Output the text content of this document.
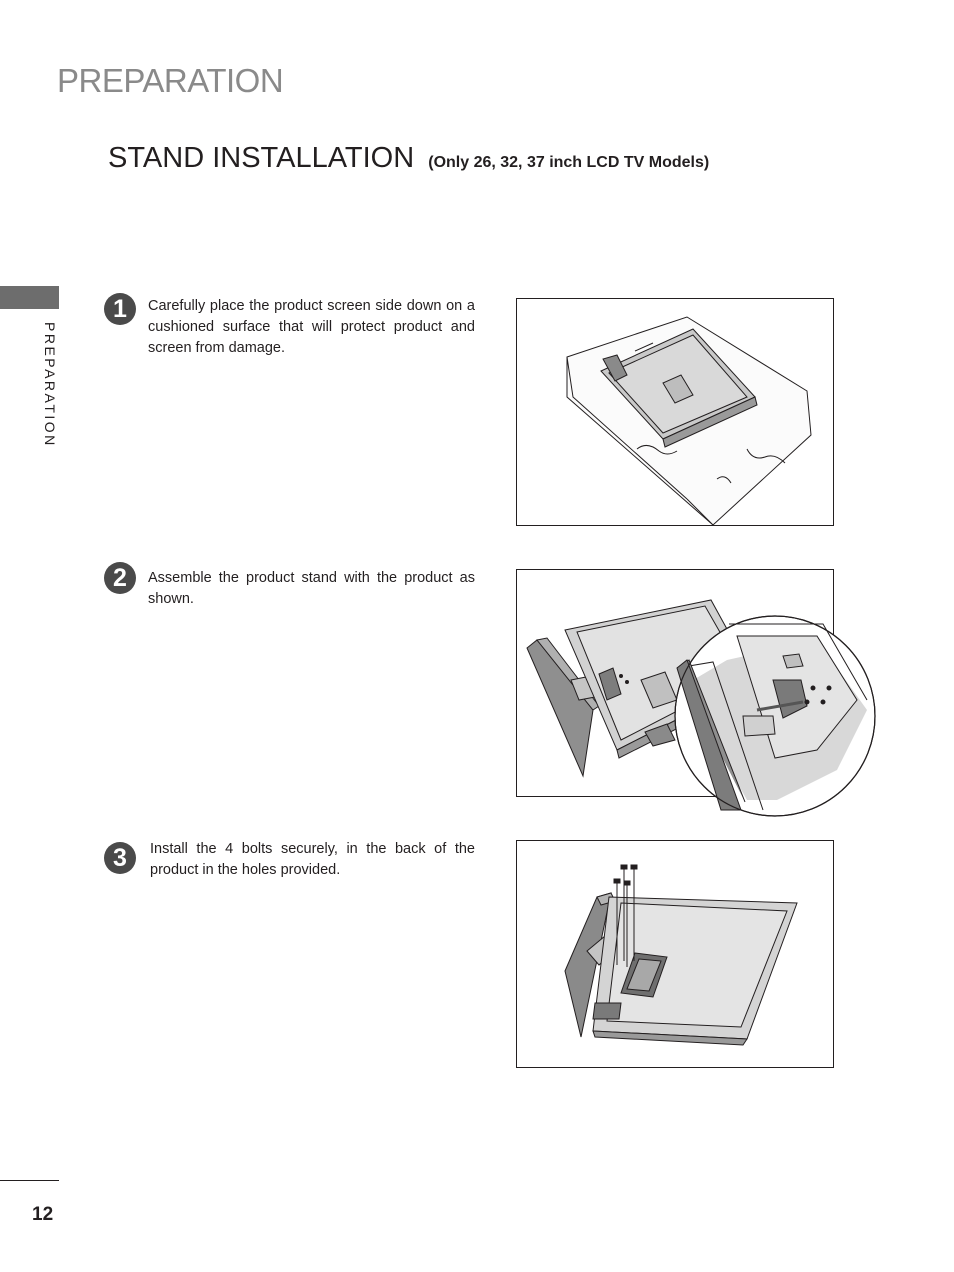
PREPARATION
STAND INSTALLATION (Only 26, 32, 37 inch LCD TV Models)
PREPARATION
1	Carefully place the product screen side down on a cushioned surface that will protect product and screen from damage.
2	Assemble the product stand with the product as shown.
3	Install the 4 bolts securely, in the back of the product in the holes provided.
12
